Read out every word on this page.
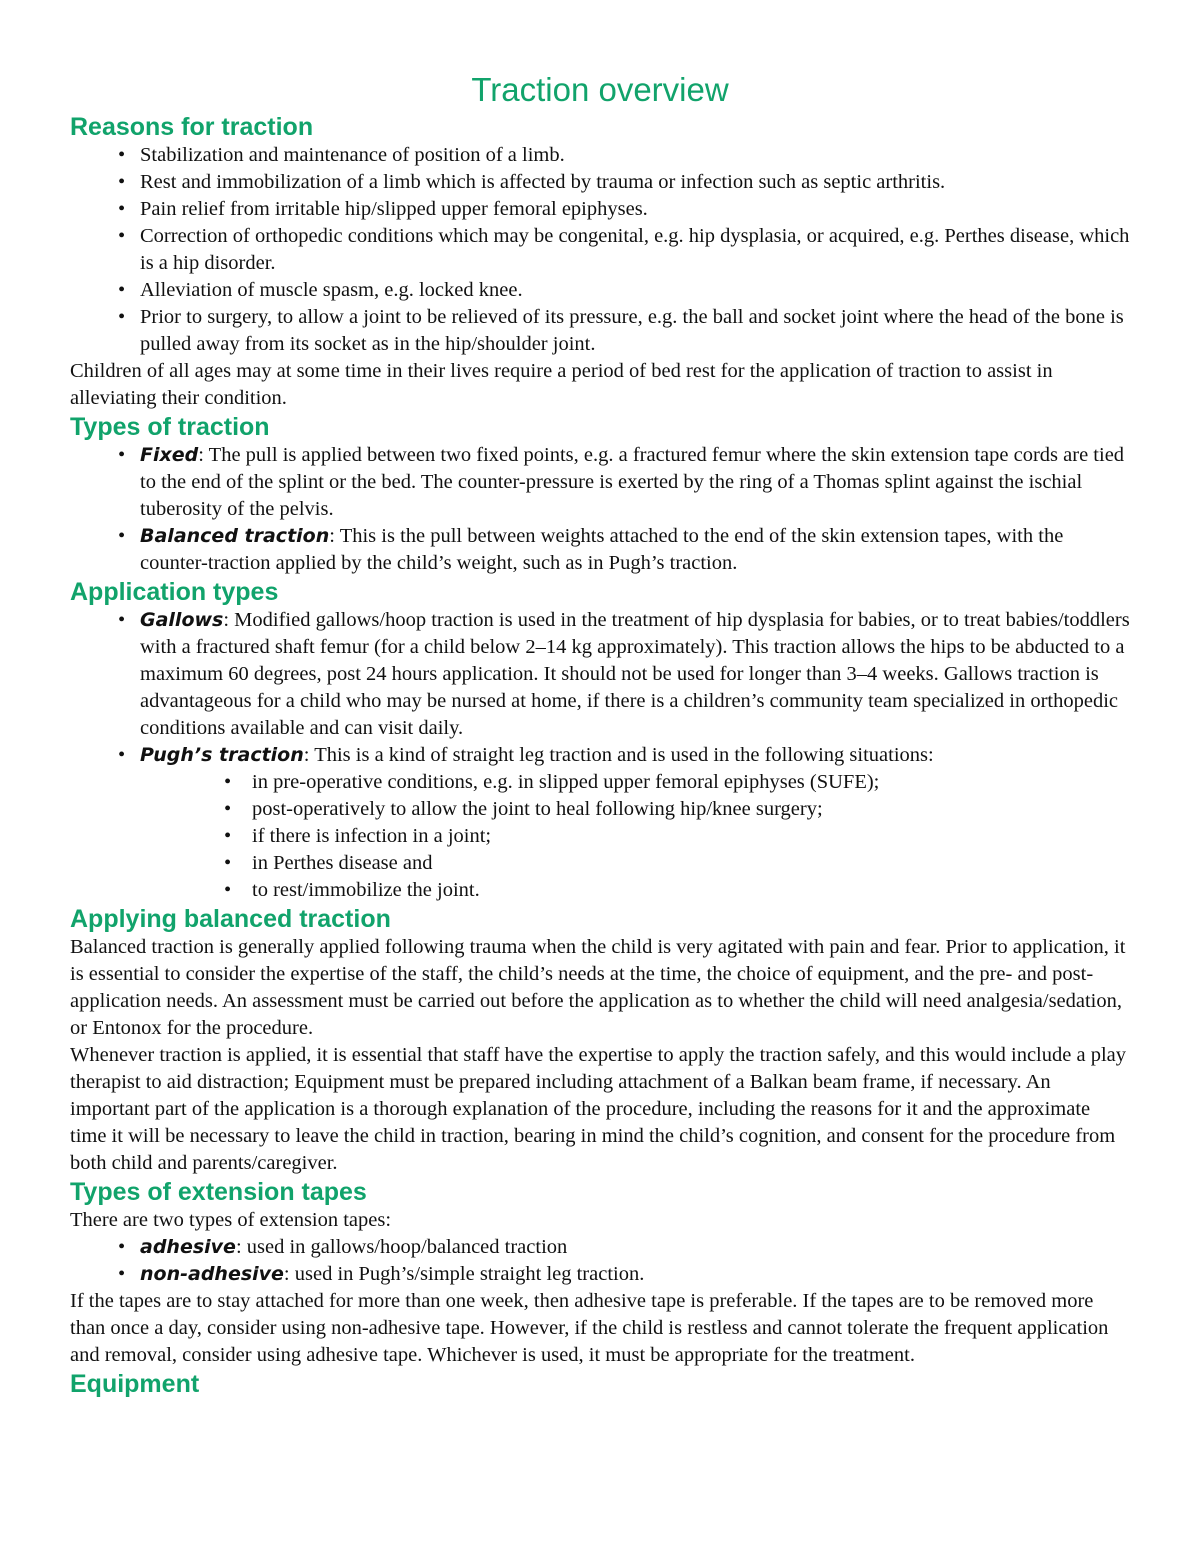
Traction overview
Reasons for traction
• Stabilization and maintenance of position of a limb.
• Rest and immobilization of a limb which is affected by trauma or infection such as septic arthritis.
• Pain relief from irritable hip/slipped upper femoral epiphyses.
• Correction of orthopedic conditions which may be congenital, e.g. hip dysplasia, or acquired, e.g. Perthes disease, which is a hip disorder.
• Alleviation of muscle spasm, e.g. locked knee.
• Prior to surgery, to allow a joint to be relieved of its pressure, e.g. the ball and socket joint where the head of the bone is pulled away from its socket as in the hip/shoulder joint.

Children of all ages may at some time in their lives require a period of bed rest for the application of traction to assist in alleviating their condition.

Types of traction
• Fixed: The pull is applied between two fixed points, e.g. a fractured femur where the skin extension tape cords are tied to the end of the splint or the bed. The counter-pressure is exerted by the ring of a Thomas splint against the ischial tuberosity of the pelvis.
• Balanced traction: This is the pull between weights attached to the end of the skin extension tapes, with the counter-traction applied by the child’s weight, such as in Pugh’s traction.
Application types
• Gallows: Modified gallows/hoop traction is used in the treatment of hip dysplasia for babies, or to treat babies/toddlers with a fractured shaft femur (for a child below 2–14 kg approximately). This traction allows the hips to be abducted to a maximum 60 degrees, post 24 hours application. It should not be used for longer than 3–4 weeks. Gallows traction is advantageous for a child who may be nursed at home, if there is a children’s community team specialized in orthopedic conditions available and can visit daily.
• Pugh’s traction: This is a kind of straight leg traction and is used in the following situations:
• in pre-operative conditions, e.g. in slipped upper femoral epiphyses (SUFE);
• post-operatively to allow the joint to heal following hip/knee surgery;
• if there is infection in a joint;
• in Perthes disease and
• to rest/immobilize the joint.
Applying balanced traction

Balanced traction is generally applied following trauma when the child is very agitated with pain and fear. Prior to application, it is essential to consider the expertise of the staff, the child’s needs at the time, the choice of equipment, and the pre- and post-application needs. An assessment must be carried out before the application as to whether the child will need analgesia/sedation, or Entonox for the procedure.

Whenever traction is applied, it is essential that staff have the expertise to apply the traction safely, and this would include a play therapist to aid distraction; Equipment must be prepared including attachment of a Balkan beam frame, if necessary. An important part of the application is a thorough explanation of the procedure, including the reasons for it and the approximate time it will be necessary to leave the child in traction, bearing in mind the child’s cognition, and consent for the procedure from both child and parents/caregiver.

Types of extension tapes

There are two types of extension tapes:

• adhesive: used in gallows/hoop/balanced traction
• non-adhesive: used in Pugh’s/simple straight leg traction.

If the tapes are to stay attached for more than one week, then adhesive tape is preferable. If the tapes are to be removed more than once a day, consider using non-adhesive tape. However, if the child is restless and cannot tolerate the frequent application and removal, consider using adhesive tape. Whichever is used, it must be appropriate for the treatment.

Equipment
